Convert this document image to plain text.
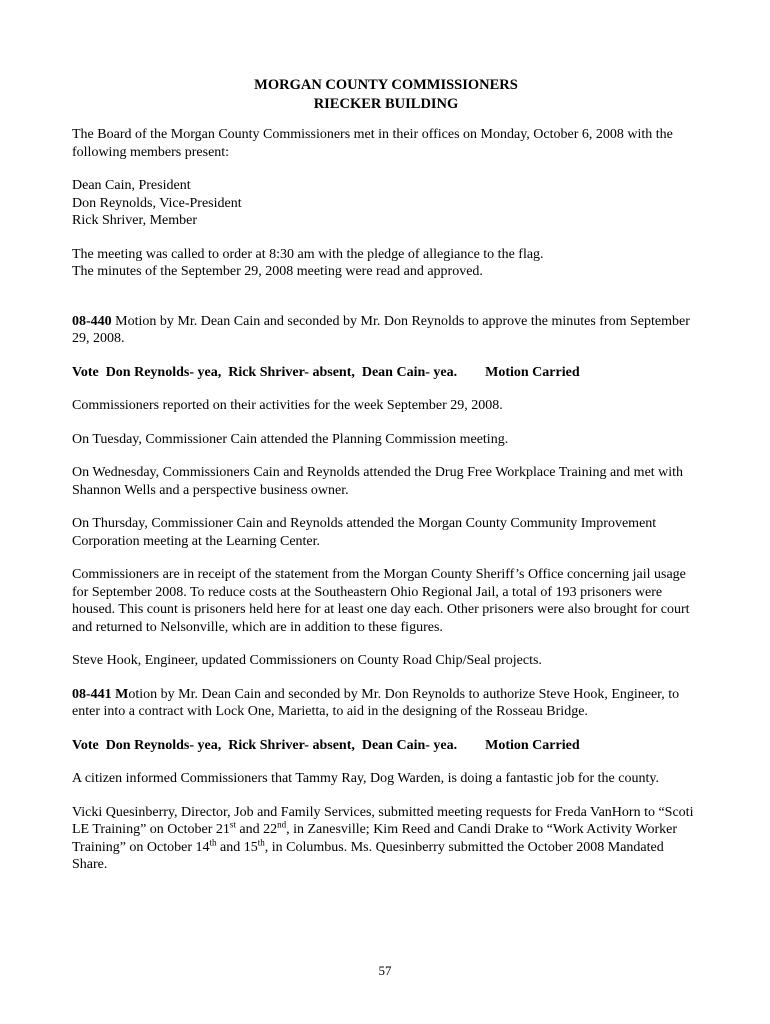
MORGAN COUNTY COMMISSIONERS
RIECKER BUILDING

The Board of the Morgan County Commissioners met in their offices on Monday, October 6, 2008 with the following members present:

Dean Cain, President
Don Reynolds, Vice-President
Rick Shriver, Member

The meeting was called to order at 8:30 am with the pledge of allegiance to the flag.
The minutes of the September 29, 2008 meeting were read and approved.

08-440 Motion by Mr. Dean Cain and seconded by Mr. Don Reynolds to approve the minutes from September 29, 2008.

Vote  Don Reynolds- yea,  Rick Shriver- absent,  Dean Cain- yea. Motion Carried

Commissioners reported on their activities for the week September 29, 2008.

On Tuesday, Commissioner Cain attended the Planning Commission meeting.

On Wednesday, Commissioners Cain and Reynolds attended the Drug Free Workplace Training and met with Shannon Wells and a perspective business owner.

On Thursday, Commissioner Cain and Reynolds attended the Morgan County Community Improvement Corporation meeting at the Learning Center.

Commissioners are in receipt of the statement from the Morgan County Sheriff’s Office concerning jail usage for September 2008. To reduce costs at the Southeastern Ohio Regional Jail, a total of 193 prisoners were housed. This count is prisoners held here for at least one day each. Other prisoners were also brought for court and returned to Nelsonville, which are in addition to these figures.

Steve Hook, Engineer, updated Commissioners on County Road Chip/Seal projects.

08-441 Motion by Mr. Dean Cain and seconded by Mr. Don Reynolds to authorize Steve Hook, Engineer, to enter into a contract with Lock One, Marietta, to aid in the designing of the Rosseau Bridge.

Vote  Don Reynolds- yea,  Rick Shriver- absent,  Dean Cain- yea. Motion Carried

A citizen informed Commissioners that Tammy Ray, Dog Warden, is doing a fantastic job for the county.

Vicki Quesinberry, Director, Job and Family Services, submitted meeting requests for Freda VanHorn to “Scoti LE Training” on October 21st and 22nd, in Zanesville; Kim Reed and Candi Drake to “Work Activity Worker Training” on October 14th and 15th, in Columbus. Ms. Quesinberry submitted the October 2008 Mandated Share.

57
